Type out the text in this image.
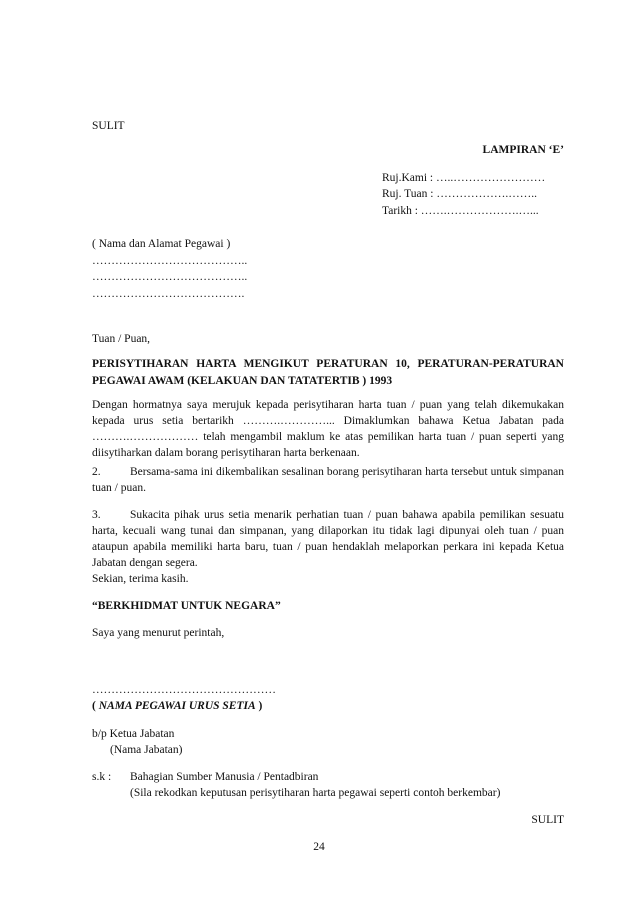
SULIT
LAMPIRAN ‘E’
Ruj.Kami : …..……………………
Ruj. Tuan : ……………….……..
Tarikh : …….……………….…...
( Nama dan Alamat Pegawai )
…………………………………..
…………………………………..
………………………………….
Tuan / Puan,
PERISYTIHARAN HARTA MENGIKUT PERATURAN 10, PERATURAN-PERATURAN
PEGAWAI AWAM (KELAKUAN DAN TATATERTIB ) 1993
Dengan hormatnya saya merujuk kepada perisytiharan harta tuan / puan yang telah dikemukakan kepada urus setia bertarikh ……….…………... Dimaklumkan bahawa Ketua Jabatan pada ……….……………… telah mengambil maklum ke atas pemilikan harta tuan / puan seperti yang diisytiharkan dalam borang perisytiharan harta berkenaan.
2.	Bersama-sama ini dikembalikan sesalinan borang perisytiharan harta tersebut untuk simpanan tuan / puan.
3.	Sukacita pihak urus setia menarik perhatian tuan / puan bahawa apabila pemilikan sesuatu harta, kecuali wang tunai dan simpanan, yang dilaporkan itu tidak lagi dipunyai oleh tuan / puan ataupun apabila memiliki harta baru, tuan / puan hendaklah melaporkan perkara ini kepada Ketua Jabatan dengan segera.
Sekian, terima kasih.
“BERKHIDMAT UNTUK NEGARA”
Saya yang menurut perintah,
…………………………………………
( NAMA PEGAWAI URUS SETIA )
b/p Ketua Jabatan
(Nama Jabatan)
s.k : Bahagian Sumber Manusia / Pentadbiran
(Sila rekodkan keputusan perisytiharan harta pegawai seperti contoh berkembar)
SULIT
24
